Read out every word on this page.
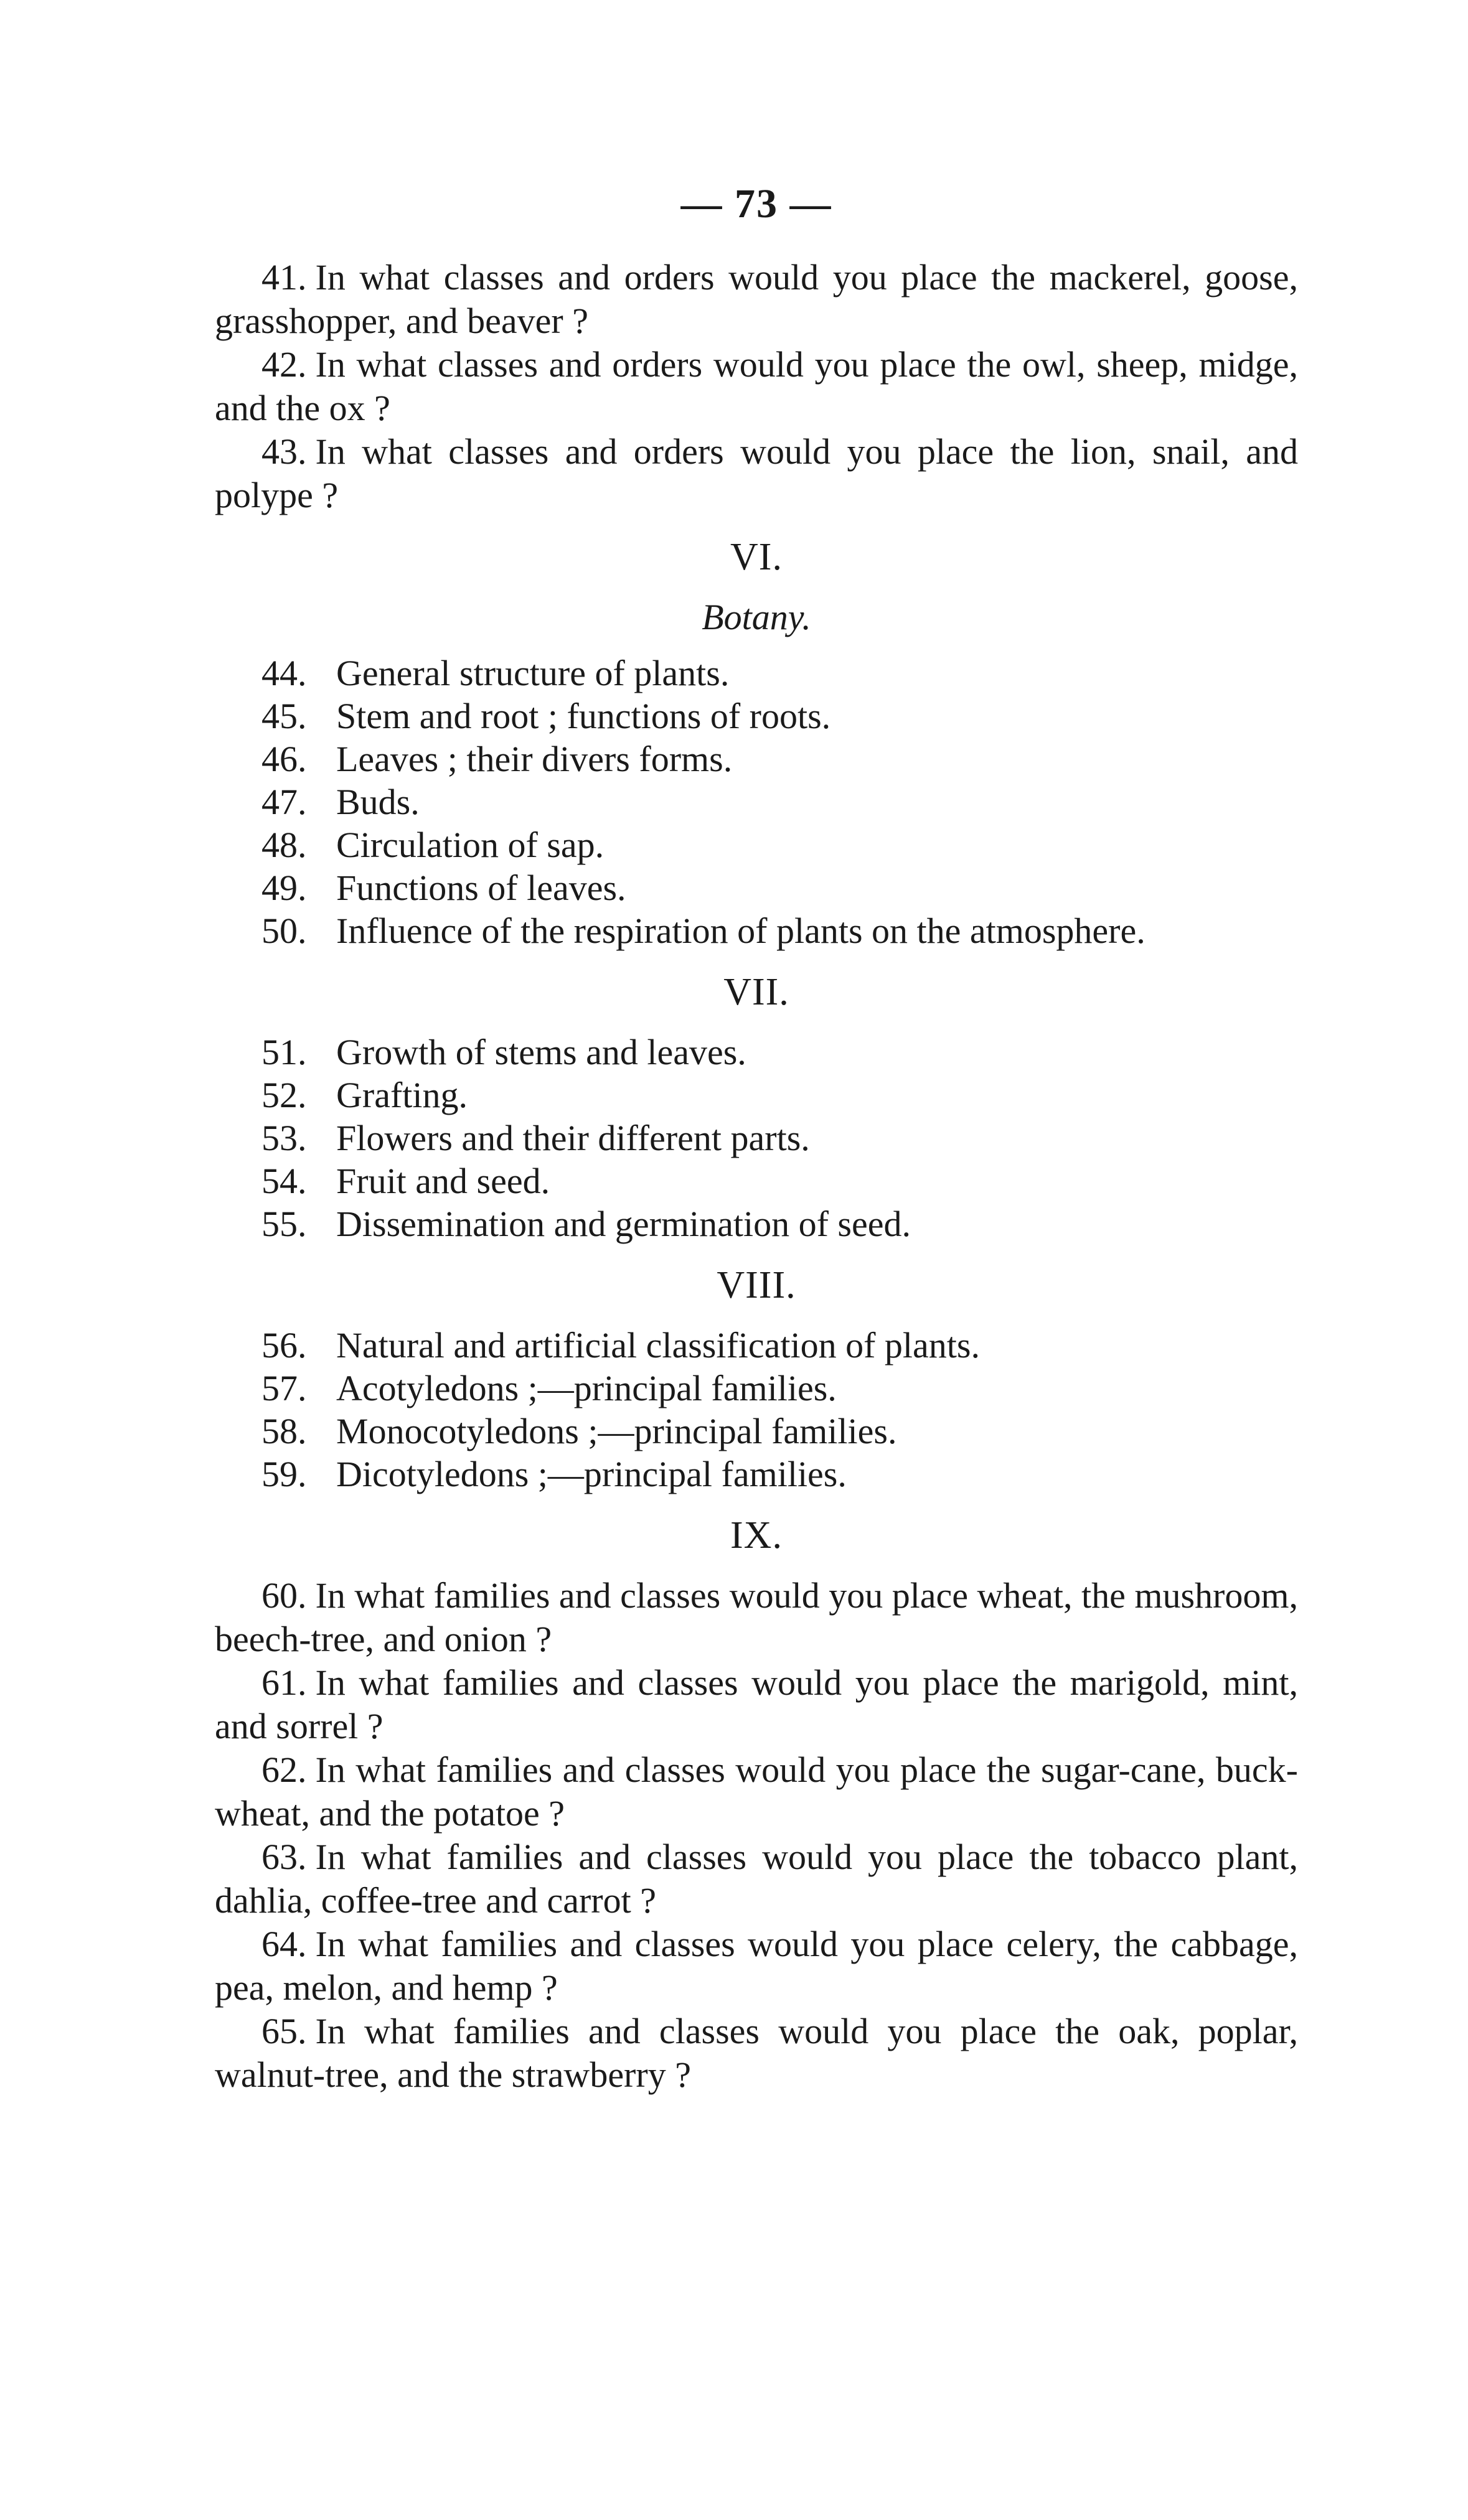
— 73 —

41. In what classes and orders would you place the mackerel, goose, grasshopper, and beaver ?

42. In what classes and orders would you place the owl, sheep, midge, and the ox ?

43. In what classes and orders would you place the lion, snail, and polype ?

VI.
Botany.
44. General structure of plants.
45. Stem and root ; functions of roots.
46. Leaves ; their divers forms.
47. Buds.
48. Circulation of sap.
49. Functions of leaves.
50. Influence of the respiration of plants on the atmosphere.
VII.
51. Growth of stems and leaves.
52. Grafting.
53. Flowers and their different parts.
54. Fruit and seed.
55. Dissemination and germination of seed.
VIII.
56. Natural and artificial classification of plants.
57. Acotyledons ;—principal families.
58. Monocotyledons ;—principal families.
59. Dicotyledons ;—principal families.
IX.

60. In what families and classes would you place wheat, the mushroom, beech-tree, and onion ?

61. In what families and classes would you place the marigold, mint, and sorrel ?

62. In what families and classes would you place the sugar-cane, buck-wheat, and the potatoe ?

63. In what families and classes would you place the tobacco plant, dahlia, coffee-tree and carrot ?

64. In what families and classes would you place celery, the cabbage, pea, melon, and hemp ?

65. In what families and classes would you place the oak, poplar, walnut-tree, and the strawberry ?
